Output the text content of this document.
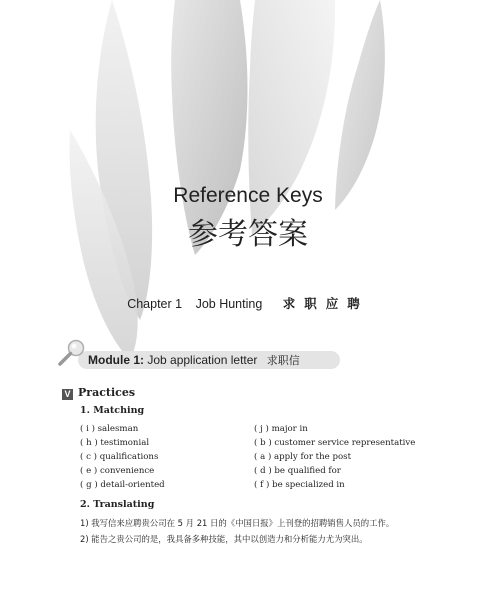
Reference Keys
参考答案
Chapter 1 Job Hunting 求职应聘
Module 1: Job application letter 求职信
V Practices
1. Matching
( i ) salesman
( h ) testimonial
( c ) qualifications
( e ) convenience
( g ) detail-oriented
( j ) major in
( b ) customer service representative
( a ) apply for the post
( d ) be qualified for
( f ) be specialized in
2. Translating
1) 我写信来应聘贵公司在 5 月 21 日的《中国日报》上刊登的招聘销售人员的工作。
2) 能告之贵公司的是，我具备多种技能，其中以创造力和分析能力尤为突出。
